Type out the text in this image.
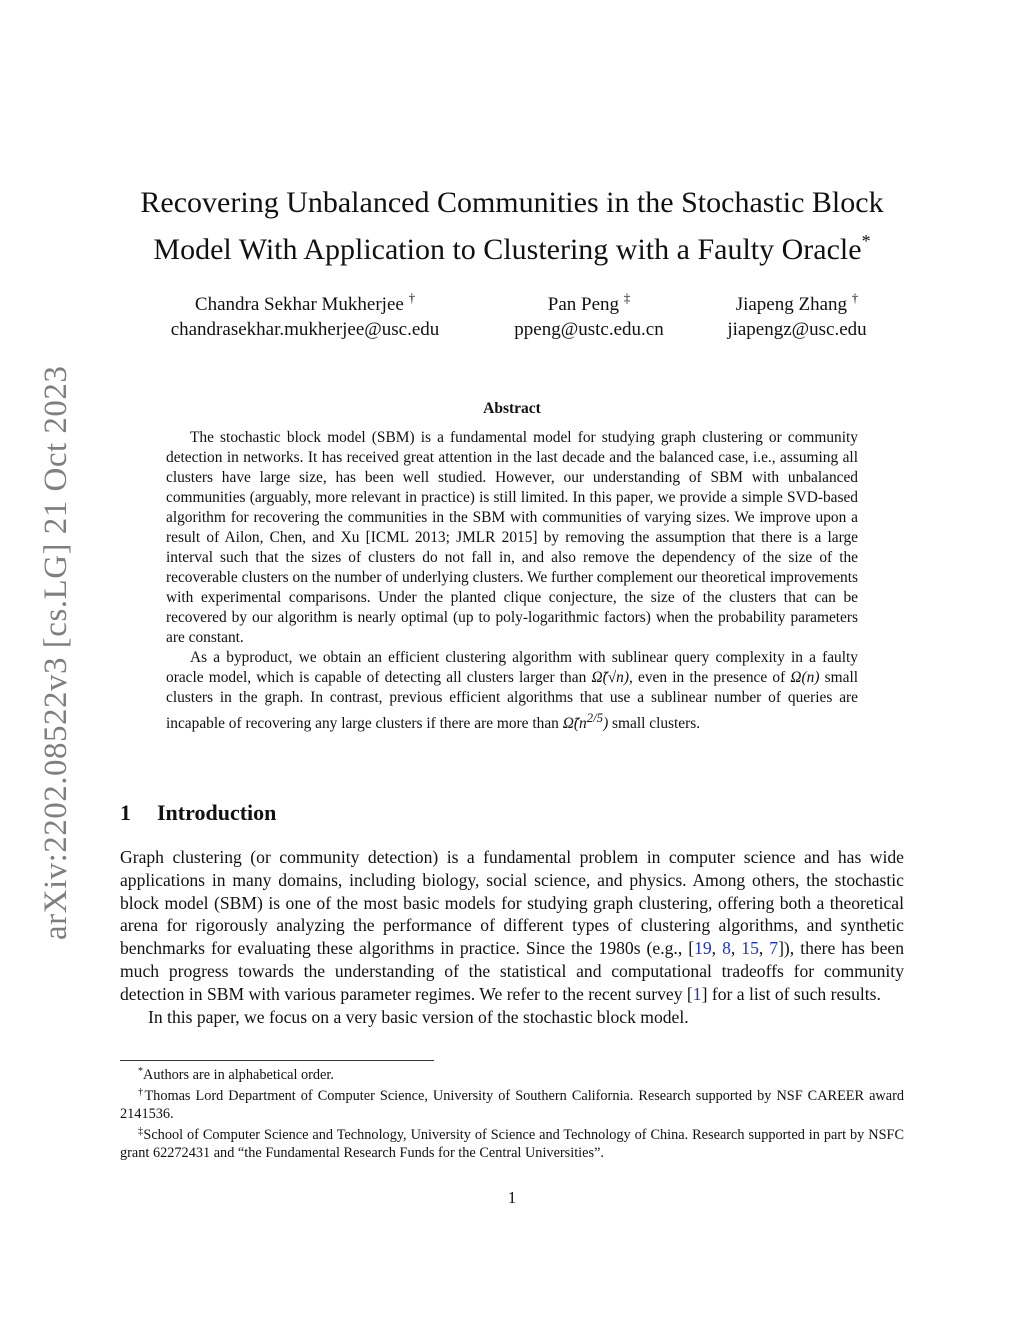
arXiv:2202.08522v3 [cs.LG] 21 Oct 2023
Recovering Unbalanced Communities in the Stochastic Block
Model With Application to Clustering with a Faulty Oracle*
Chandra Sekhar Mukherjee †
chandrasekhar.mukherjee@usc.edu
Pan Peng ‡
ppeng@ustc.edu.cn
Jiapeng Zhang †
jiapengz@usc.edu
Abstract

The stochastic block model (SBM) is a fundamental model for studying graph clustering or community detection in networks. It has received great attention in the last decade and the balanced case, i.e., assuming all clusters have large size, has been well studied. However, our understanding of SBM with unbalanced communities (arguably, more relevant in practice) is still limited. In this paper, we provide a simple SVD-based algorithm for recovering the communities in the SBM with communities of varying sizes. We improve upon a result of Ailon, Chen, and Xu [ICML 2013; JMLR 2015] by removing the assumption that there is a large interval such that the sizes of clusters do not fall in, and also remove the dependency of the size of the recoverable clusters on the number of underlying clusters. We further complement our theoretical improvements with experimental comparisons. Under the planted clique conjecture, the size of the clusters that can be recovered by our algorithm is nearly optimal (up to poly-logarithmic factors) when the probability parameters are constant.

As a byproduct, we obtain an efficient clustering algorithm with sublinear query complexity in a faulty oracle model, which is capable of detecting all clusters larger than Ω̃(√n), even in the presence of Ω(n) small clusters in the graph. In contrast, previous efficient algorithms that use a sublinear number of queries are incapable of recovering any large clusters if there are more than $\Omegã(n^{2/5})$ small clusters.

1 Introduction

Graph clustering (or community detection) is a fundamental problem in computer science and has wide applications in many domains, including biology, social science, and physics. Among others, the stochastic block model (SBM) is one of the most basic models for studying graph clustering, offering both a theoretical arena for rigorously analyzing the performance of different types of clustering algorithms, and synthetic benchmarks for evaluating these algorithms in practice. Since the 1980s (e.g., [19, 8, 15, 7]), there has been much progress towards the understanding of the statistical and computational tradeoffs for community detection in SBM with various parameter regimes. We refer to the recent survey [1] for a list of such results.

In this paper, we focus on a very basic version of the stochastic block model.

*Authors are in alphabetical order.

†Thomas Lord Department of Computer Science, University of Southern California. Research supported by NSF CAREER award 2141536.

‡School of Computer Science and Technology, University of Science and Technology of China. Research supported in part by NSFC grant 62272431 and “the Fundamental Research Funds for the Central Universities”.

1
